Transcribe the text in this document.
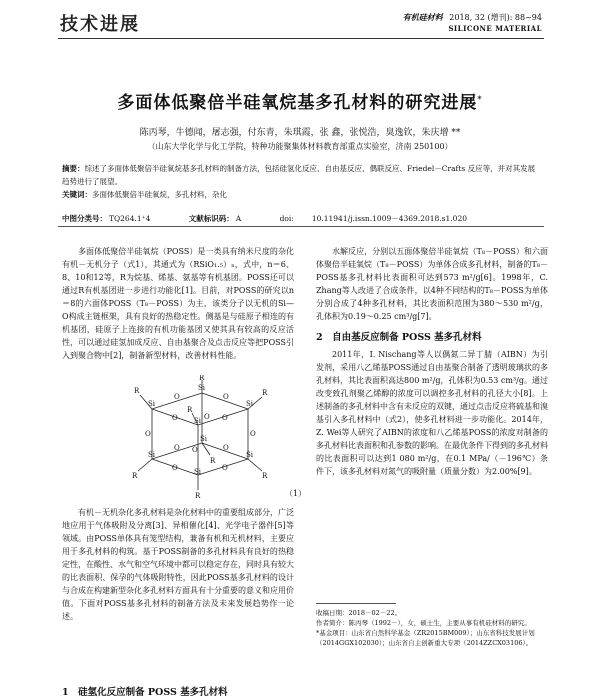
技术进展	有机硅材料 2018, 32 (增刊): 88~94
SILICONE MATERIAL
多面体低聚倍半硅氧烷基多孔材料的研究进展*
陈丙琴，牛德闻，屠志强，付东青，朱琪霞，张 鑫，张悦浩，臭逸钦，朱庆增 **
（山东大学化学与化工学院，特种功能聚集体材料教育部重点实验室，济南 250100）
摘要：综述了多面体低聚倍半硅氧烷基多孔材料的制备方法，包括硅氢化反应、自由基反应、偶联反应、Friedel－Crafts 反应等，并对其发展趋势进行了展望。
关键词：多面体低聚倍半硅氧烷，多孔材料，杂化
中图分类号： TQ264.1⁺4	文献标识码： A	doi: 10.11941/j.issn.1009－4369.2018.s1.020

多面体低聚倍半硅氧烷（POSS）是一类具有纳米尺度的杂化有机－无机分子（式1），其通式为（RSiO₁.₅）ₙ，式中，n＝6、8、10和12等，R为烷基、烯基、氨基等有机基团。POSS还可以通过R有机基团进一步进行功能化[1]。目前，对POSS的研究以n＝8的六面体POSS（T₈－POSS）为主，该类分子以无机的Si—O构成主链框架，具有良好的热稳定性。侧基是与硅原子相连的有机基团，硅原子上连接的有机功能基团又使其具有较高的反应活性，可以通过硅氢加成反应、自由基聚合及点击反应等把POSS引入到聚合物中[2]，制备新型材料，改善材料性能。

Si
Si
Si
Si
Si
Si
Si
Si
O	O
O	O
O	O
O	O
O	O
O
O
R
R
R
R
R
R
R
R	（1）

有机－无机杂化多孔材料是杂化材料中的重要组成部分，广泛地应用于气体吸附及分离[3]、异相催化[4]、光学电子器件[5]等领域。由POSS单体具有笼型结构，兼备有机和无机材料，主要应用于多孔材料的构筑。基于POSS制备的多孔材料具有良好的热稳定性，在酸性、水气和空气环境中都可以稳定存在，同时具有较大的比表面积、保孕的气体吸附特性，因此POSS基多孔材料的设计与合成在构建新型杂化多孔材料方面具有十分重要的意义和应用价值。下面对POSS基多孔材料的制备方法及未来发展趋势作一论述。

1　硅氢化反应制备 POSS 基多孔材料

水解反应，分别以五面体聚倍半硅氧烷（T₈－POSS）和六面体聚倍半硅氧烷（T₈－POSS）为单体合成多孔材料，制备的T₈－POSS基多孔材料比表面积可达到573 m²/g[6]。1998年，C. Zhang等人改进了合成条件，以4种不同结构的T₈－POSS为单体分别合成了4种多孔材料，其比表面积范围为380～530 m²/g，孔体积为0.19～0.25 cm³/g[7]。

2　自由基反应制备 POSS 基多孔材料

2011年，I. Nischang等人以偶氮二异丁腈（AIBN）为引发剂，采用八乙烯基POSS通过自由基聚合制备了透明玻璃状的多孔材料，其比表面积高达800 m²/g，孔体积为0.53 cm³/g。通过改变致孔剂聚乙烯醇的浓度可以调控多孔材料的孔径大小[8]。上述制备的多孔材料中含有未反应的双键，通过点击反应将硫基和溴基引入多孔材料中（式2），使多孔材料进一步功能化。2014年，Z. Wei等人研究了AIBN的浓度和八乙烯基POSS的浓度对制备的多孔材料比表面积和孔参数的影响。在最优条件下得到的多孔材料的比表面积可以达到1 080 m²/g，在0.1 MPa/（－196℃）条件下，该多孔材料对氮气的吸附量（质量分数）为2.00%[9]。

收稿日期：2018－02－22。
作者简介：陈丙琴（1992－），女，硕士生，主要从事有机硅材料的研究。
*基金项目：山东省自然科学基金（ZR2015BM009）；山东省科技发展计划（2014GGX102030）；山东省自主创新重大专项（2014ZZCX03106）。
